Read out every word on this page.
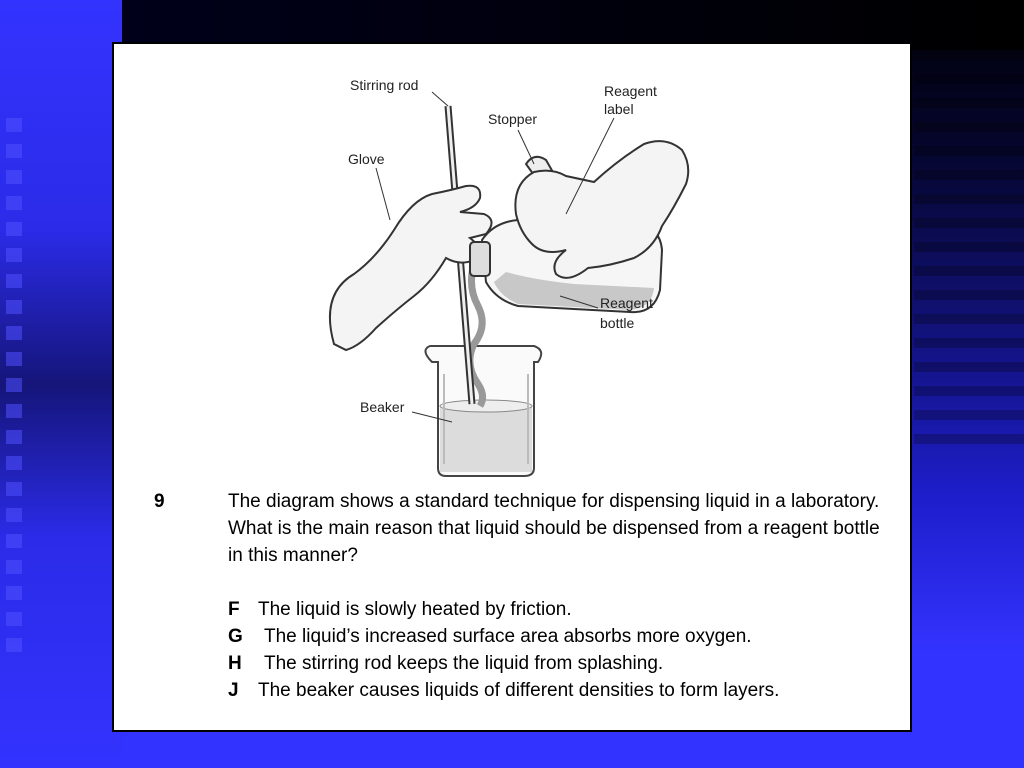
Stirring rod
Glove
Stopper
Reagent
label
Reagent
bottle
Beaker
9	The diagram shows a standard technique for dispensing liquid in a laboratory. What is the main reason that liquid should be dispensed from a reagent bottle in this manner?
F The liquid is slowly heated by friction.
G The liquid’s increased surface area absorbs more oxygen.
H The stirring rod keeps the liquid from splashing.
J The beaker causes liquids of different densities to form layers.
